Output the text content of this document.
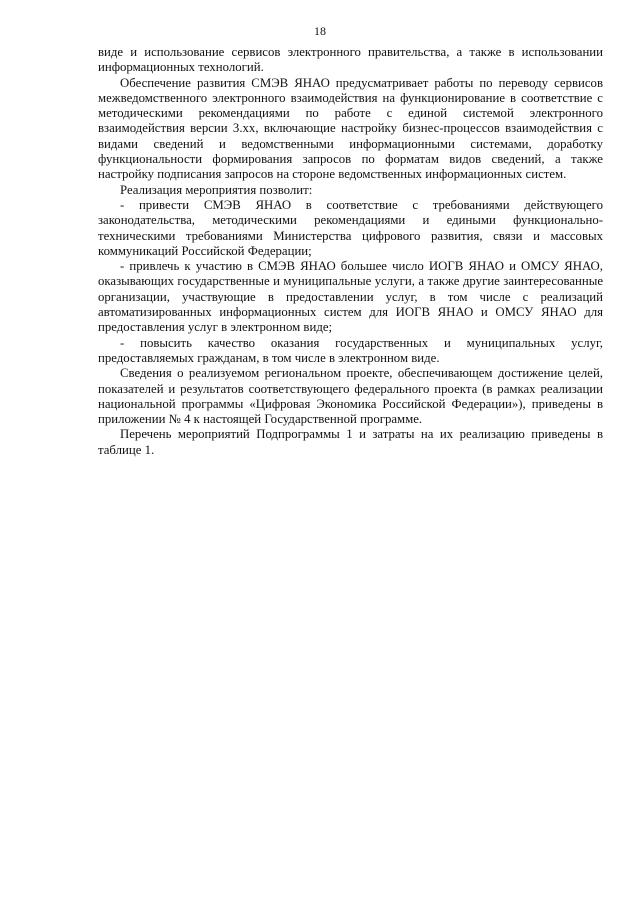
18

виде и использование сервисов электронного правительства, а также в использовании информационных технологий.

Обеспечение развития СМЭВ ЯНАО предусматривает работы по переводу сервисов межведомственного электронного взаимодействия на функционирование в соответствие с методическими рекомендациями по работе с единой системой электронного взаимодействия версии 3.хх, включающие настройку бизнес-процессов взаимодействия с видами сведений и ведомственными информационными системами, доработку функциональности формирования запросов по форматам видов сведений, а также настройку подписания запросов на стороне ведомственных информационных систем.

Реализация мероприятия позволит:

- привести СМЭВ ЯНАО в соответствие с требованиями действующего законодательства, методическими рекомендациями и едиными функционально-техническими требованиями Министерства цифрового развития, связи и массовых коммуникаций Российской Федерации;

- привлечь к участию в СМЭВ ЯНАО большее число ИОГВ ЯНАО и ОМСУ ЯНАО, оказывающих государственные и муниципальные услуги, а также другие заинтересованные организации, участвующие в предоставлении услуг, в том числе с реализаций автоматизированных информационных систем для ИОГВ ЯНАО и ОМСУ ЯНАО для предоставления услуг в электронном виде;

- повысить качество оказания государственных и муниципальных услуг, предоставляемых гражданам, в том числе в электронном виде.

Сведения о реализуемом региональном проекте, обеспечивающем достижение целей, показателей и результатов соответствующего федерального проекта (в рамках реализации национальной программы «Цифровая Экономика Российской Федерации»), приведены в приложении № 4 к настоящей Государственной программе.

Перечень мероприятий Подпрограммы 1 и затраты на их реализацию приведены в таблице 1.
